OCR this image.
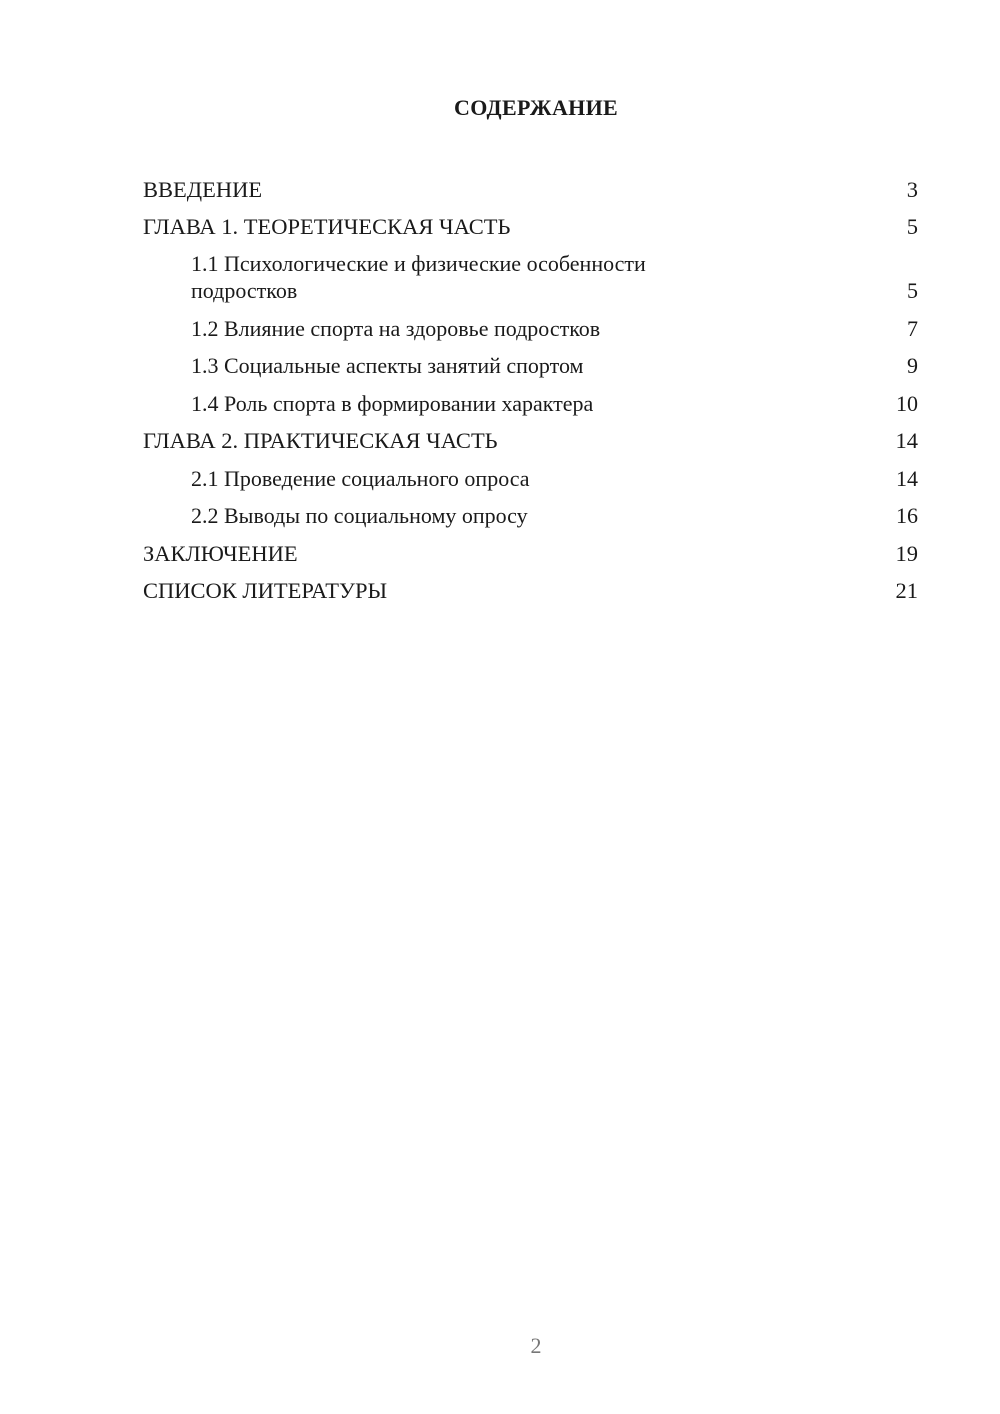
СОДЕРЖАНИЕ
ВВЕДЕНИЕ	3
ГЛАВА 1. ТЕОРЕТИЧЕСКАЯ ЧАСТЬ	5
1.1 Психологические и физические особенности подростков	5
1.2 Влияние спорта на здоровье подростков	7
1.3 Социальные аспекты занятий спортом	9
1.4 Роль спорта в формировании характера	10
ГЛАВА 2. ПРАКТИЧЕСКАЯ ЧАСТЬ	14
2.1 Проведение социального опроса	14
2.2 Выводы по социальному опросу	16
ЗАКЛЮЧЕНИЕ	19
СПИСОК ЛИТЕРАТУРЫ	21
2
